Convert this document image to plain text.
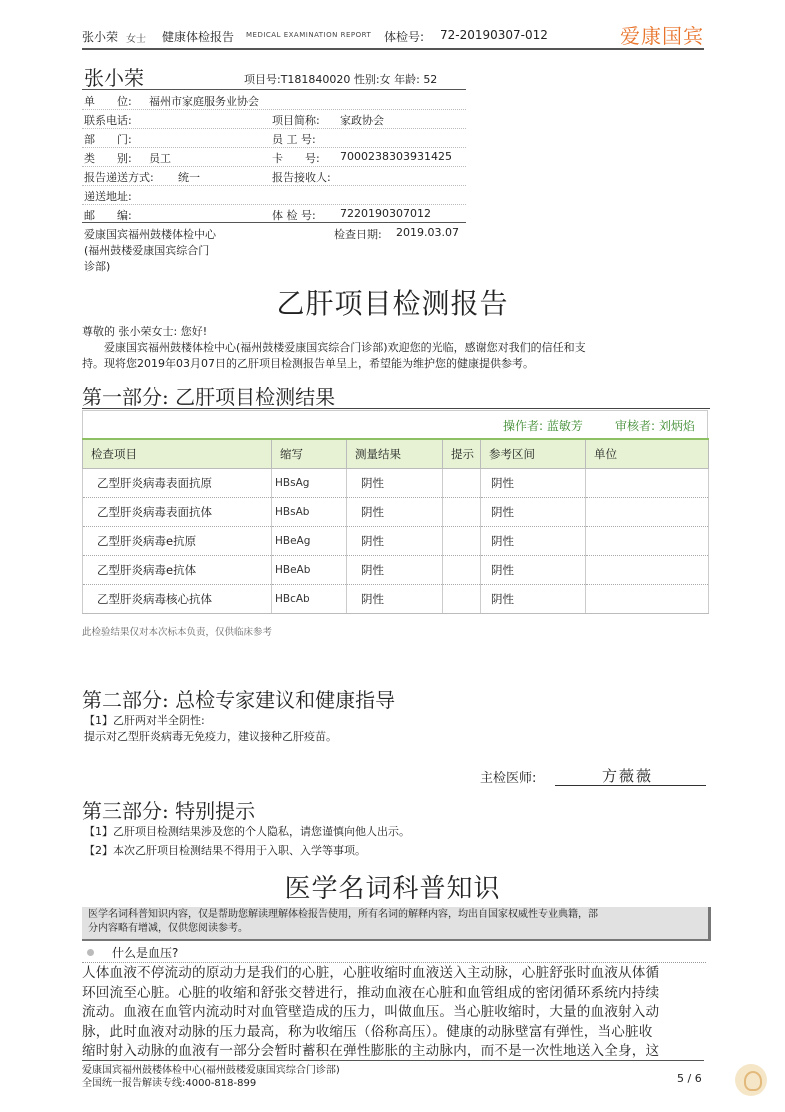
张小荣 女士 健康体检报告 MEDICAL EXAMINATION REPORT 体检号: 72-20190307-012	爱康国宾
张小荣	项目号:T181840020 性别:女 年龄: 52
单　　位: 福州市家庭服务业协会
联系电话:	项目简称: 家政协会
部　　门:	员 工 号:
类　　别: 员工	卡　　号: 7000238303931425
报告递送方式: 统一	报告接收人:
递送地址:
邮　　编:	体 检 号: 7220190307012
爱康国宾福州鼓楼体检中心
(福州鼓楼爱康国宾综合门
诊部)
检查日期: 2019.03.07
乙肝项目检测报告
尊敬的 张小荣女士: 您好!
爱康国宾福州鼓楼体检中心(福州鼓楼爱康国宾综合门诊部)欢迎您的光临，感谢您对我们的信任和支
持。现将您2019年03月07日的乙肝项目检测报告单呈上，希望能为维护您的健康提供参考。
第一部分: 乙肝项目检测结果
操作者: 蓝敏芳	审核者: 刘炳焰
检查项目	缩写	测量结果	提示	参考区间	单位
乙型肝炎病毒表面抗原	HBsAg	阴性		阴性	
乙型肝炎病毒表面抗体	HBsAb	阴性		阴性	
乙型肝炎病毒e抗原	HBeAg	阴性		阴性	
乙型肝炎病毒e抗体	HBeAb	阴性		阴性	
乙型肝炎病毒核心抗体	HBcAb	阴性		阴性	
此检验结果仅对本次标本负责，仅供临床参考
第二部分: 总检专家建议和健康指导
【1】乙肝两对半全阴性:
提示对乙型肝炎病毒无免疫力，建议接种乙肝疫苗。
主检医师:	方薇薇
第三部分: 特别提示
【1】乙肝项目检测结果涉及您的个人隐私，请您谨慎向他人出示。
【2】本次乙肝项目检测结果不得用于入职、入学等事项。
医学名词科普知识
医学名词科普知识内容，仅是帮助您解读理解体检报告使用，所有名词的解释内容，均出自国家权威性专业典籍，部
分内容略有增减，仅供您阅读参考。
什么是血压?
人体血液不停流动的原动力是我们的心脏，心脏收缩时血液送入主动脉，心脏舒张时血液从体循
环回流至心脏。心脏的收缩和舒张交替进行，推动血液在心脏和血管组成的密闭循环系统内持续
流动。血液在血管内流动时对血管壁造成的压力，叫做血压。当心脏收缩时，大量的血液射入动
脉，此时血液对动脉的压力最高，称为收缩压（俗称高压）。健康的动脉壁富有弹性，当心脏收
缩时射入动脉的血液有一部分会暂时蓄积在弹性膨胀的主动脉内，而不是一次性地送入全身，这
爱康国宾福州鼓楼体检中心(福州鼓楼爱康国宾综合门诊部)
全国统一报告解读专线:4000-818-899	5 / 6
